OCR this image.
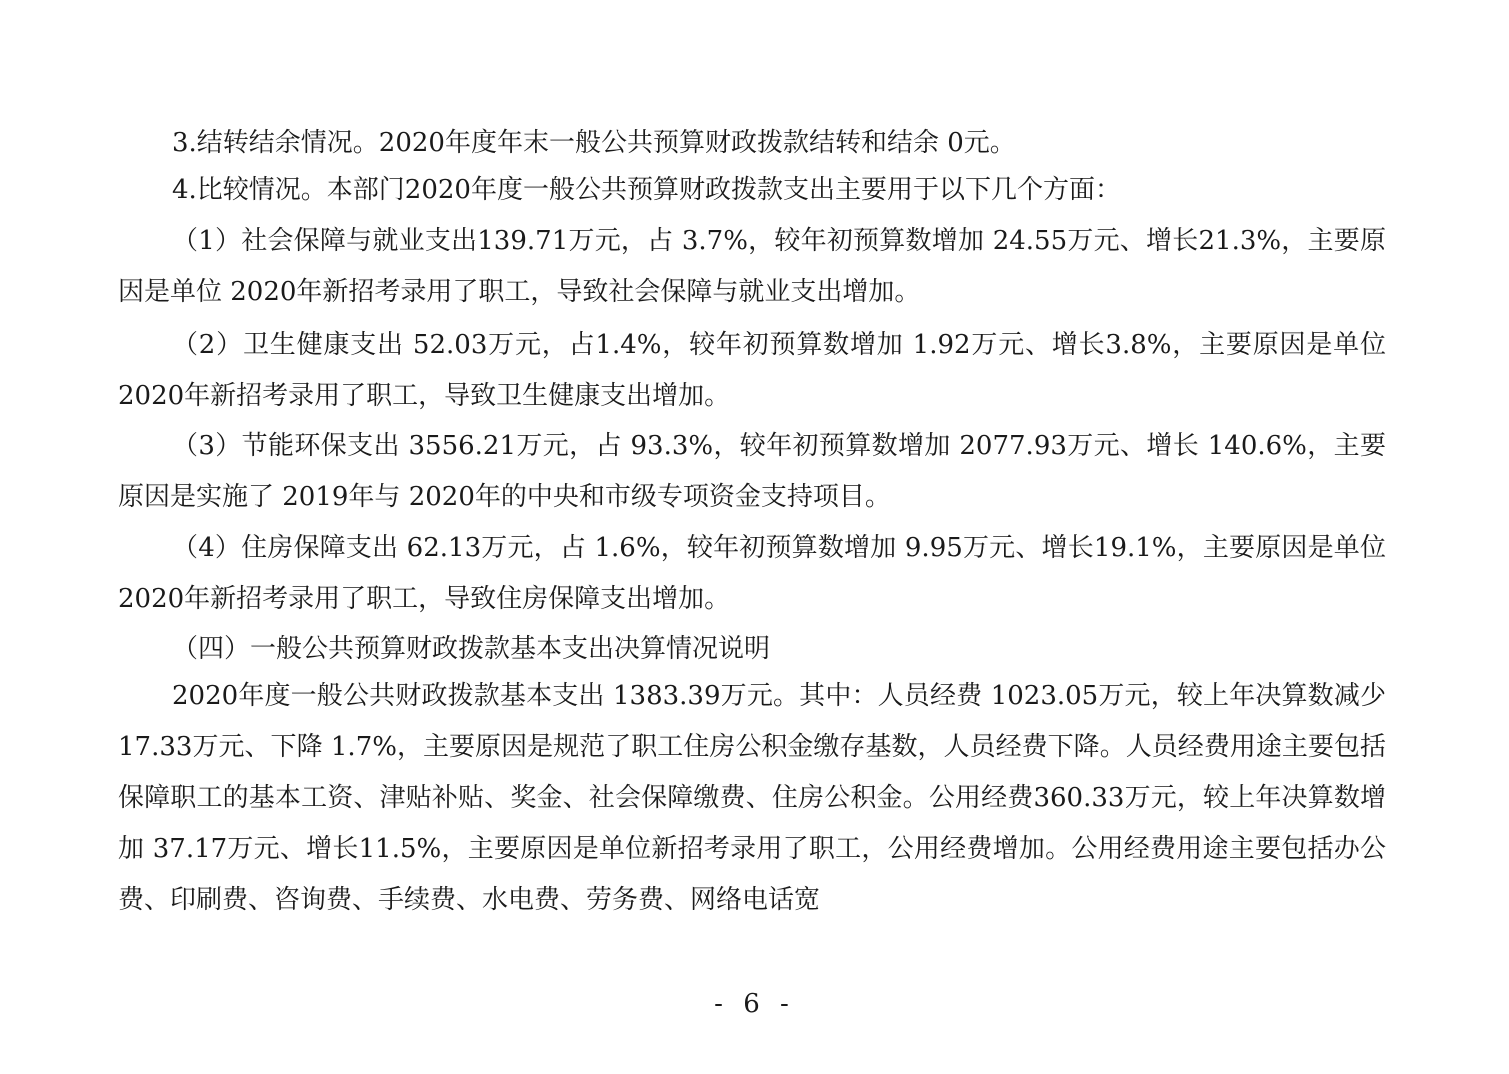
3.结转结余情况。2020年度年末一般公共预算财政拨款结转和结余 0元。

4.比较情况。本部门2020年度一般公共预算财政拨款支出主要用于以下几个方面：

（1）社会保障与就业支出139.71万元，占 3.7%，较年初预算数增加 24.55万元、增长21.3%，主要原因是单位 2020年新招考录用了职工，导致社会保障与就业支出增加。

（2）卫生健康支出 52.03万元，占1.4%，较年初预算数增加 1.92万元、增长3.8%，主要原因是单位 2020年新招考录用了职工，导致卫生健康支出增加。

（3）节能环保支出 3556.21万元，占 93.3%，较年初预算数增加 2077.93万元、增长 140.6%，主要原因是实施了 2019年与 2020年的中央和市级专项资金支持项目。

（4）住房保障支出 62.13万元，占 1.6%，较年初预算数增加 9.95万元、增长19.1%，主要原因是单位 2020年新招考录用了职工，导致住房保障支出增加。

（四）一般公共预算财政拨款基本支出决算情况说明

2020年度一般公共财政拨款基本支出 1383.39万元。其中：人员经费 1023.05万元，较上年决算数减少 17.33万元、下降 1.7%，主要原因是规范了职工住房公积金缴存基数，人员经费下降。人员经费用途主要包括保障职工的基本工资、津贴补贴、奖金、社会保障缴费、住房公积金。公用经费360.33万元，较上年决算数增加 37.17万元、增长11.5%，主要原因是单位新招考录用了职工，公用经费增加。公用经费用途主要包括办公费、印刷费、咨询费、手续费、水电费、劳务费、网络电话宽

- 6 -
